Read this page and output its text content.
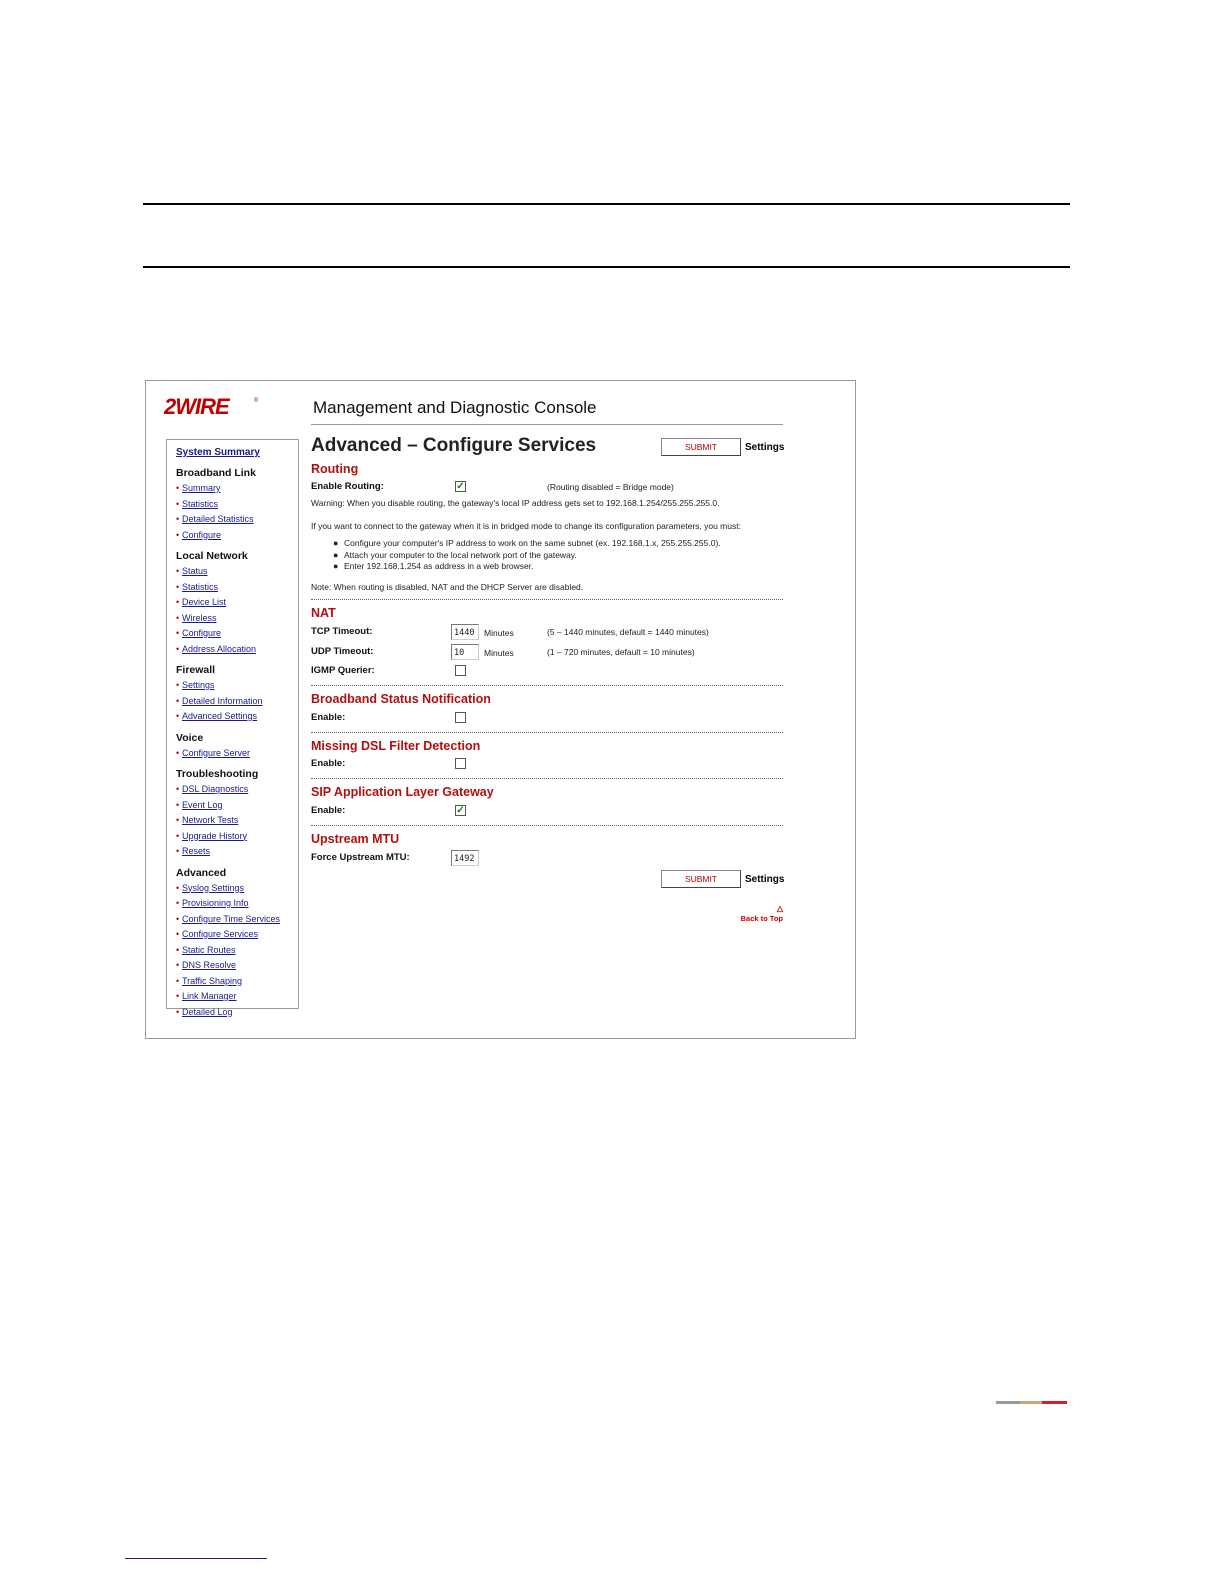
2WIRE	®	Management and Diagnostic Console
System Summary
Broadband Link
• Summary
• Statistics
• Detailed Statistics
• Configure
Local Network
• Status
• Statistics
• Device List
• Wireless
• Configure
• Address Allocation
Firewall
• Settings
• Detailed Information
• Advanced Settings
Voice
• Configure Server
Troubleshooting
• DSL Diagnostics
• Event Log
• Network Tests
• Upgrade History
• Resets
Advanced
• Syslog Settings
• Provisioning Info
• Configure Time Services
• Configure Services
• Static Routes
• DNS Resolve
• Traffic Shaping
• Link Manager
• Detailed Log
Advanced – Configure Services	SUBMIT	Settings
Routing
Enable Routing:	✓	(Routing disabled = Bridge mode)
Warning: When you disable routing, the gateway's local IP address gets set to 192.168.1.254/255.255.255.0.
If you want to connect to the gateway when it is in bridged mode to change its configuration parameters, you must:
● Configure your computer's IP address to work on the same subnet (ex. 192.168.1.x, 255.255.255.0).
● Attach your computer to the local network port of the gateway.
● Enter 192.168.1.254 as address in a web browser.
Note: When routing is disabled, NAT and the DHCP Server are disabled.
NAT
TCP Timeout:	1440	Minutes	(5 – 1440 minutes, default = 1440 minutes)
UDP Timeout:	10	Minutes	(1 – 720 minutes, default = 10 minutes)
IGMP Querier:
Broadband Status Notification
Enable:
Missing DSL Filter Detection
Enable:
SIP Application Layer Gateway
Enable:	✓
Upstream MTU
Force Upstream MTU:	1492
SUBMIT	Settings
△
Back to Top
